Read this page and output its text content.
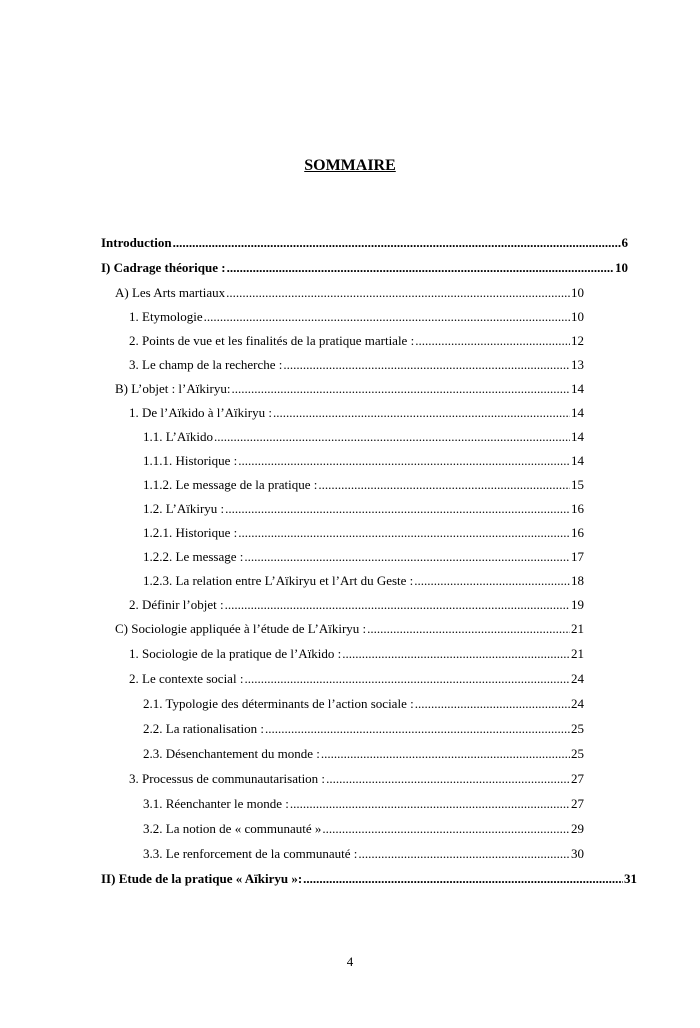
SOMMAIRE
Introduction .....	6
I) Cadrage théorique : .....	10
A) Les Arts martiaux .....	10
1. Etymologie .....	10
2. Points de vue et les finalités de la pratique martiale : .....	12
3. Le champ de la recherche : .....	13
B) L’objet : l’Aïkiryu: .....	14
1. De l’Aïkido à l’Aïkiryu : .....	14
1.1. L’Aïkido .....	14
1.1.1. Historique : .....	14
1.1.2. Le message de la pratique : .....	15
1.2. L’Aïkiryu : .....	16
1.2.1. Historique : .....	16
1.2.2. Le message : .....	17
1.2.3. La relation entre L’Aïkiryu et l’Art du Geste : .....	18
2. Définir l’objet : .....	19
C) Sociologie appliquée à l’étude de L’Aïkiryu : .....	21
1. Sociologie de la pratique de l’Aïkido : .....	21
2. Le contexte social : .....	24
2.1. Typologie des déterminants de l’action sociale : .....	24
2.2. La rationalisation : .....	25
2.3. Désenchantement du monde : .....	25
3. Processus de communautarisation : .....	27
3.1. Réenchanter le monde : .....	27
3.2. La notion de « communauté » .....	29
3.3. Le renforcement de la communauté : .....	30
II) Etude de la pratique « Aïkiryu »: .....	31
4
